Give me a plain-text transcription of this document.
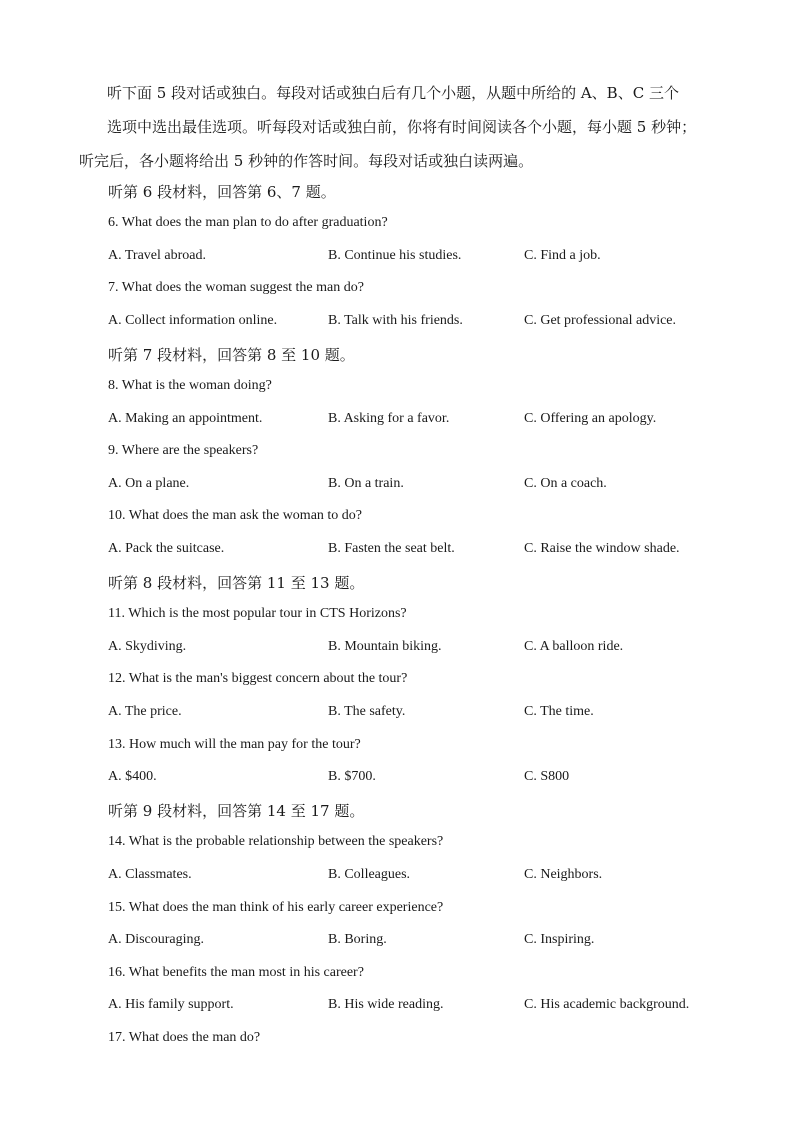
听下面 5 段对话或独白。每段对话或独白后有几个小题，从题中所给的 A、B、C 三个
选项中选出最佳选项。听每段对话或独白前，你将有时间阅读各个小题，每小题 5 秒钟；
听完后，各小题将给出 5 秒钟的作答时间。每段对话或独白读两遍。
听第 6 段材料，回答第 6、7 题。
6. What does the man plan to do after graduation?
A. Travel abroad.	B. Continue his studies.	C. Find a job.
7. What does the woman suggest the man do?
A. Collect information online.	B. Talk with his friends.	C. Get professional advice.
听第 7 段材料，回答第 8 至 10 题。
8. What is the woman doing?
A. Making an appointment.	B. Asking for a favor.	C. Offering an apology.
9. Where are the speakers?
A. On a plane.	B. On a train.	C. On a coach.
10. What does the man ask the woman to do?
A. Pack the suitcase.	B. Fasten the seat belt.	C. Raise the window shade.
听第 8 段材料，回答第 11 至 13 题。
11. Which is the most popular tour in CTS Horizons?
A. Skydiving.	B. Mountain biking.	C. A balloon ride.
12. What is the man's biggest concern about the tour?
A. The price.	B. The safety.	C. The time.
13. How much will the man pay for the tour?
A. $400.	B. $700.	C. S800
听第 9 段材料，回答第 14 至 17 题。
14. What is the probable relationship between the speakers?
A. Classmates.	B. Colleagues.	C. Neighbors.
15. What does the man think of his early career experience?
A. Discouraging.	B. Boring.	C. Inspiring.
16. What benefits the man most in his career?
A. His family support.	B. His wide reading.	C. His academic background.
17. What does the man do?
